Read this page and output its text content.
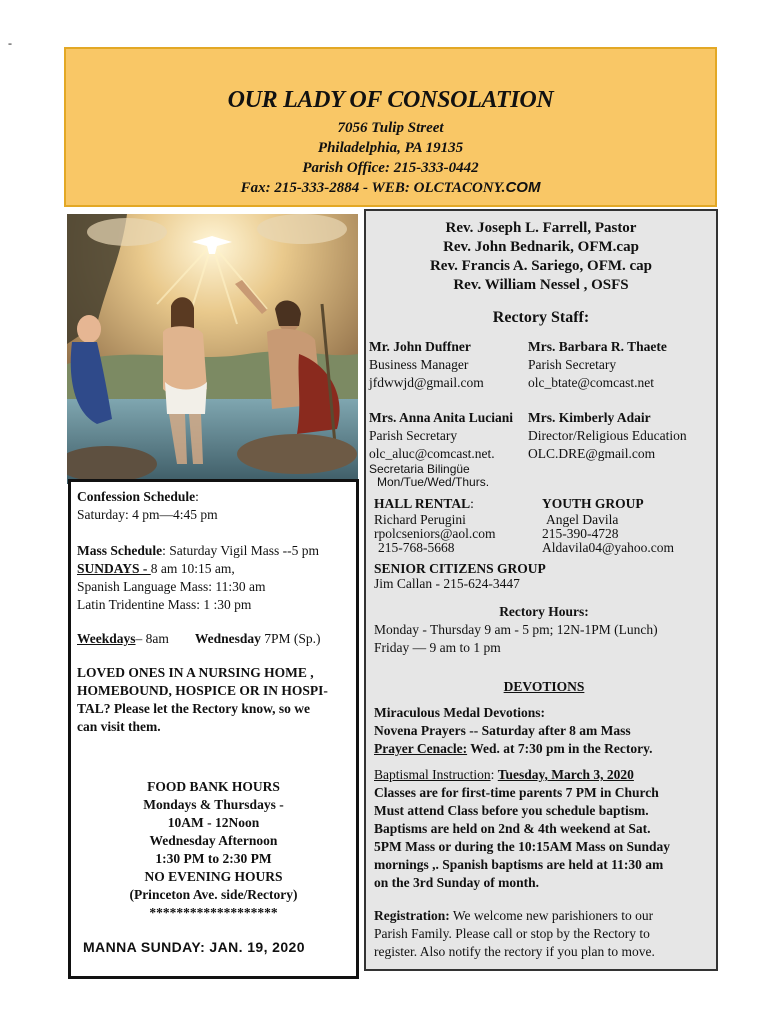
-
OUR LADY OF CONSOLATION
7056 Tulip Street
Philadelphia, PA 19135
Parish Office: 215-333-0442
Fax: 215-333-2884 - WEB: OLCTACONY.COM
Rev. Joseph L. Farrell, Pastor
Rev. John Bednarik, OFM.cap
Rev. Francis A. Sariego, OFM. cap
Rev. William Nessel , OSFS
Rectory Staff:
Mr. John Duffner
Business Manager
jfdwwjd@gmail.com
Mrs. Barbara R. Thaete
Parish Secretary
olc_btate@comcast.net
Mrs. Anna Anita Luciani
Parish Secretary
olc_aluc@comcast.net.
Secretaria Bilingüe
Mon/Tue/Wed/Thurs.
Mrs. Kimberly Adair
Director/Religious Education
OLC.DRE@gmail.com
HALL RENTAL:
Richard Perugini
rpolcseniors@aol.com
215-768-5668
YOUTH GROUP
Angel Davila
215-390-4728
Aldavila04@yahoo.com
SENIOR CITIZENS GROUP
Jim Callan - 215-624-3447
Rectory Hours:
Monday - Thursday 9 am - 5 pm; 12N-1PM (Lunch)
Friday — 9 am to 1 pm
DEVOTIONS
Miraculous Medal Devotions:
Novena Prayers -- Saturday after 8 am Mass
Prayer Cenacle: Wed. at 7:30 pm in the Rectory.
Baptismal Instruction: Tuesday, March 3, 2020
Classes are for first-time parents 7 PM in Church
Must attend Class before you schedule baptism.
Baptisms are held on 2nd & 4th weekend at Sat.
5PM Mass or during the 10:15AM Mass on Sunday
mornings ,. Spanish baptisms are held at 11:30 am
on the 3rd Sunday of month.
Registration: We welcome new parishioners to our
Parish Family. Please call or stop by the Rectory to
register. Also notify the rectory if you plan to move.
Confession Schedule:
Saturday: 4 pm—4:45 pm
Mass Schedule: Saturday Vigil Mass --5 pm
SUNDAYS - 8 am 10:15 am,
Spanish Language Mass: 11:30 am
Latin Tridentine Mass: 1 :30 pm
Weekdays– 8am Wednesday 7PM (Sp.)
LOVED ONES IN A NURSING HOME ,
HOMEBOUND, HOSPICE OR IN HOSPI-
TAL? Please let the Rectory know, so we
can visit them.
FOOD BANK HOURS
Mondays & Thursdays -
10AM - 12Noon
Wednesday Afternoon
1:30 PM to 2:30 PM
NO EVENING HOURS
(Princeton Ave. side/Rectory)
*******************
MANNA SUNDAY: JAN. 19, 2020
